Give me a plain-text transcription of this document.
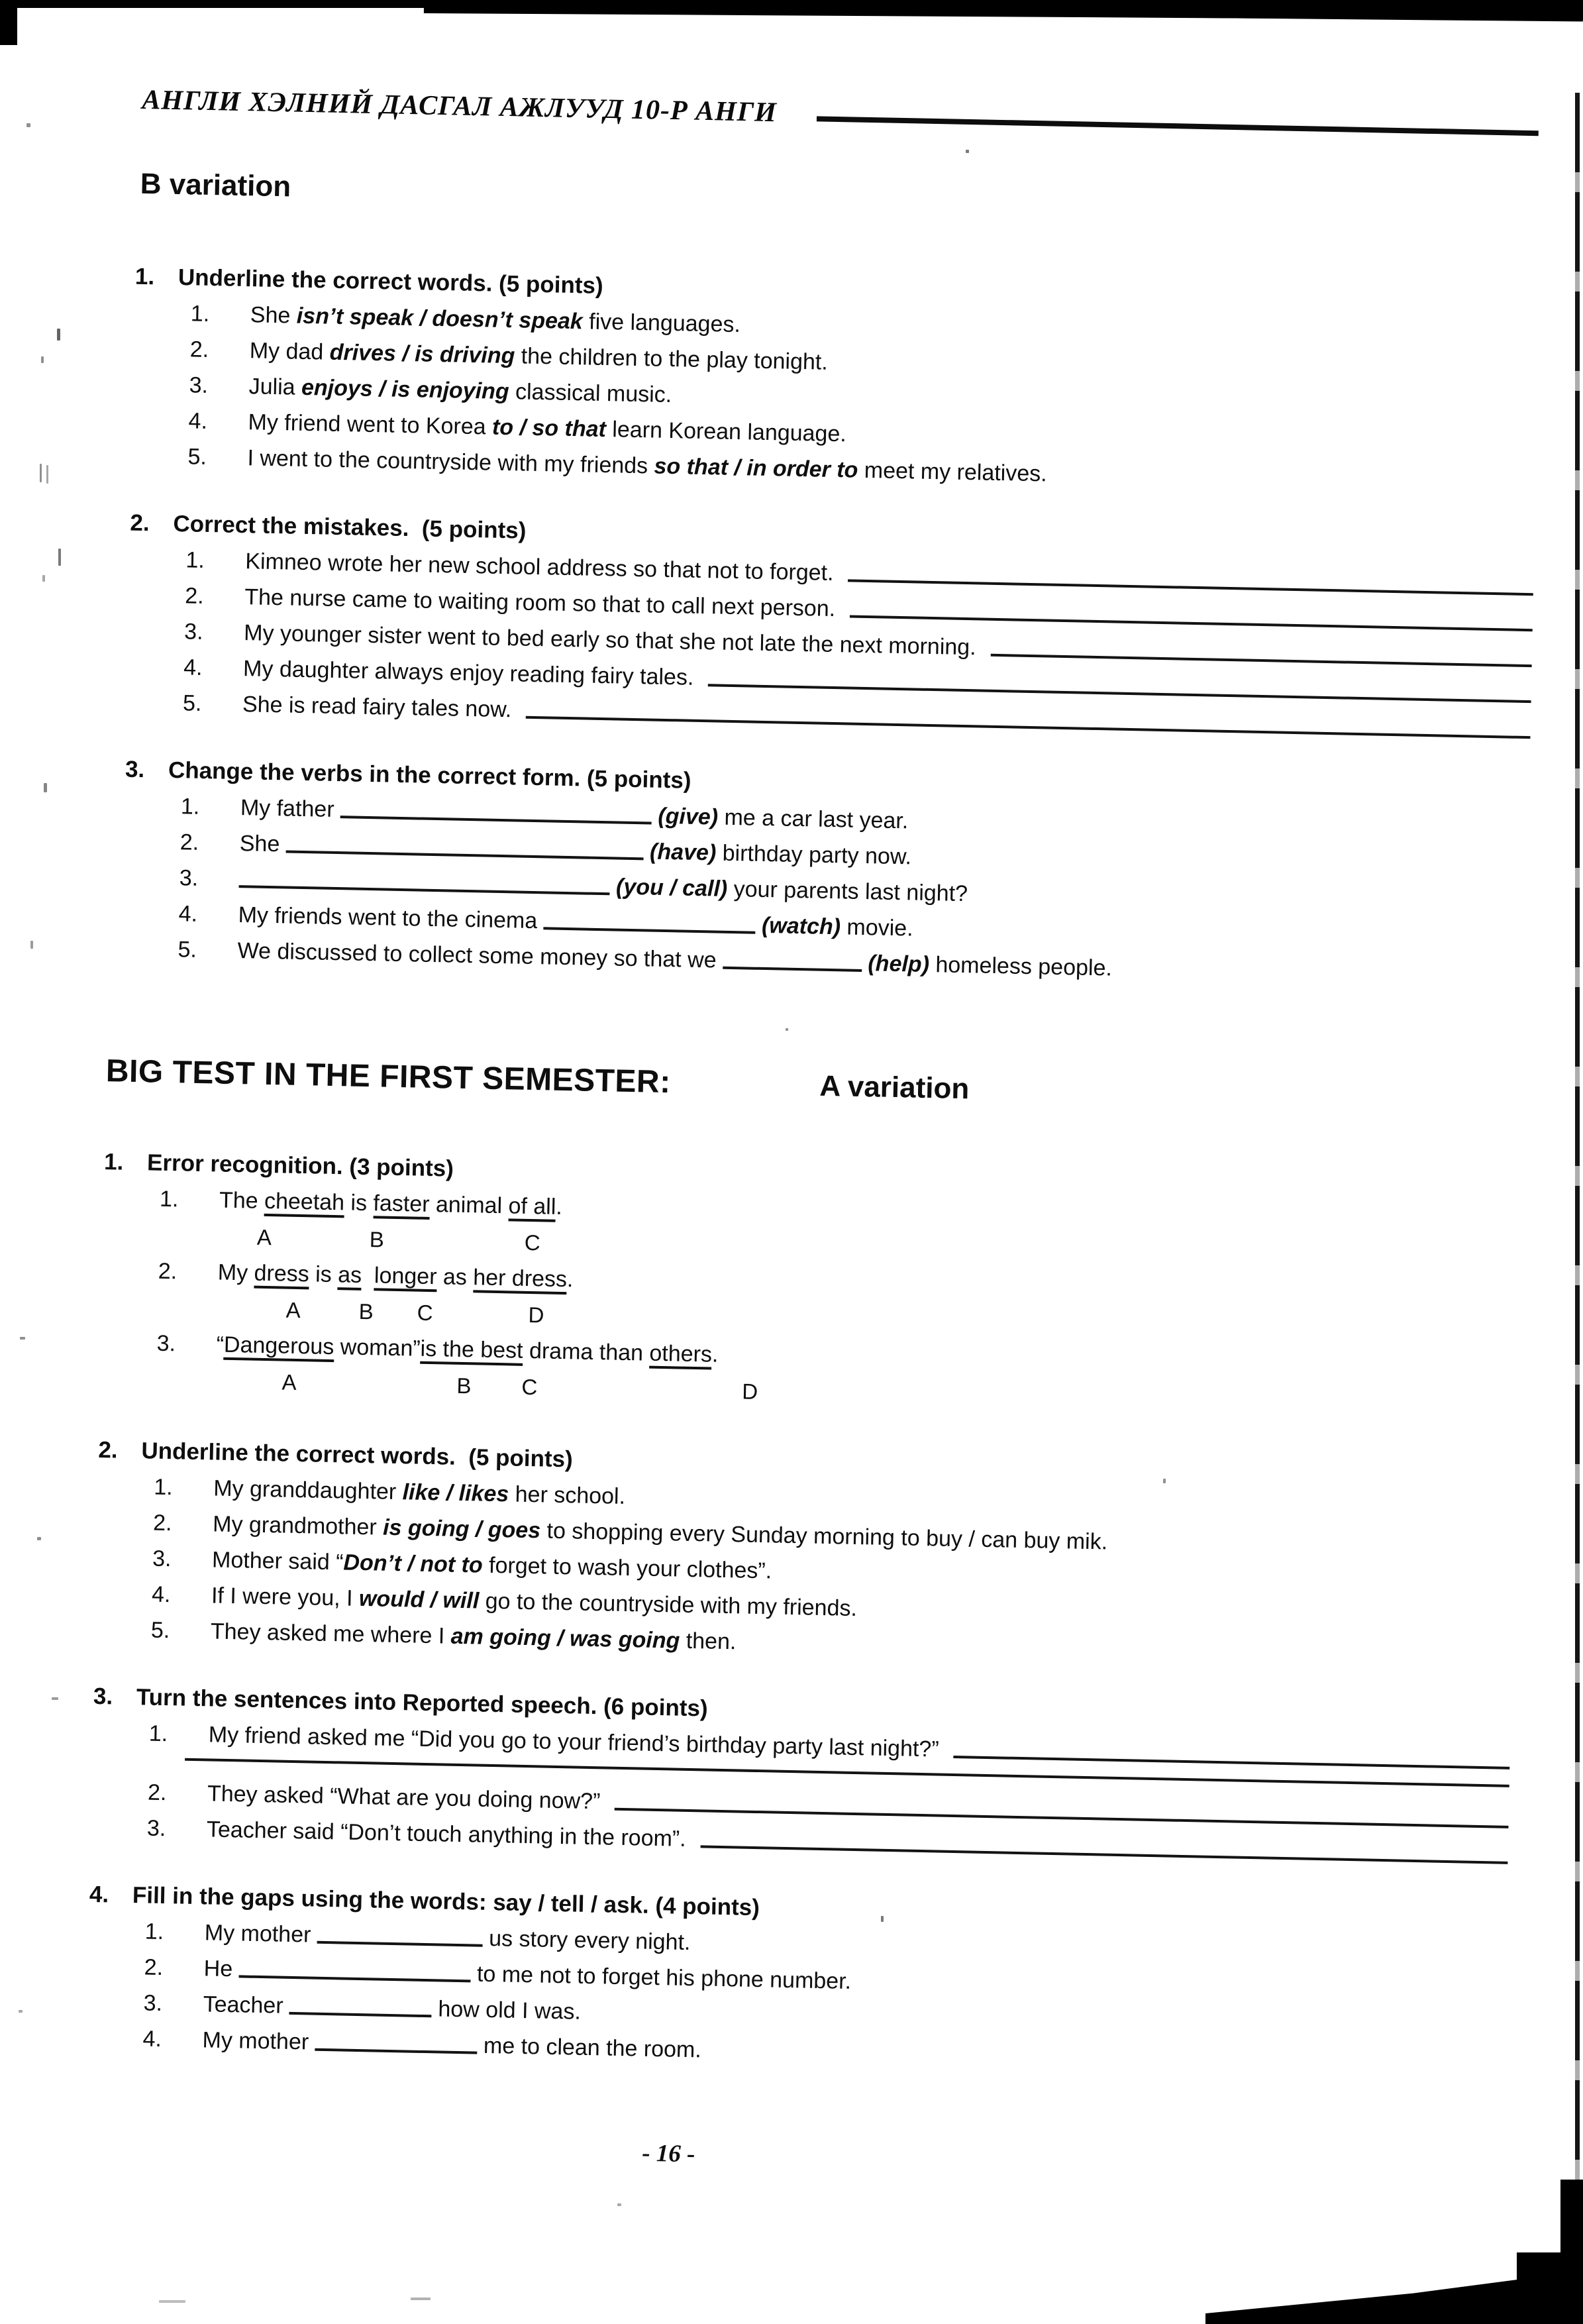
АНГЛИ ХЭЛНИЙ ДАСГАЛ АЖЛУУД 10-Р АНГИ
B variation
1.	Underline the correct words. (5 points)
1.	She isn’t speak / doesn’t speak five languages.
2.	My dad drives / is driving the children to the play tonight.
3.	Julia enjoys / is enjoying classical music.
4.	My friend went to Korea to / so that learn Korean language.
5.	I went to the countryside with my friends so that / in order to meet my relatives.
2.	Correct the mistakes.  (5 points)
1.	Kimneo wrote her new school address so that not to forget.
2.	The nurse came to waiting room so that to call next person.
3.	My younger sister went to bed early so that she not late the next morning.
4.	My daughter always enjoy reading fairy tales.
5.	She is read fairy tales now.
3.	Change the verbs in the correct form. (5 points)
1.	My father
	(give) me a car last year.
2.	She
	(have) birthday party now.
3.
	(you / call) your parents last night?
4.	My friends went to the cinema
	(watch) movie.
5.	We discussed to collect some money so that we
	(help) homeless people.
BIG TEST IN THE FIRST SEMESTER:	A variation
1.	Error recognition. (3 points)
1.	The cheetah is faster animal of all .
A	B	C
2.	My dress is as
longer as her dress .
A	B C	D
3.	“ Dangerous woman” is the best drama than others .
A	B C	D
2.	Underline the correct words.  (5 points)
1.	My granddaughter like / likes her school.
2.	My grandmother is going / goes to shopping every Sunday morning to buy / can buy mik.
3.	Mother said “ Don’t / not to forget to wash your clothes”.
4.	If I were you, I would / will go to the countryside with my friends.
5.	They asked me where I am going / was going then.
3.	Turn the sentences into Reported speech. (6 points)
1.	My friend asked me “Did you go to your friend’s birthday party last night?”
2.	They asked “What are you doing now?”
3.	Teacher said “Don’t touch anything in the room”.
4.	Fill in the gaps using the words: say / tell / ask. (4 points)
1.	My mother	us story every night.
2.	He	to me not to forget his phone number.
3.	Teacher	how old I was.
4.	My mother	me to clean the room.
- 16 -
